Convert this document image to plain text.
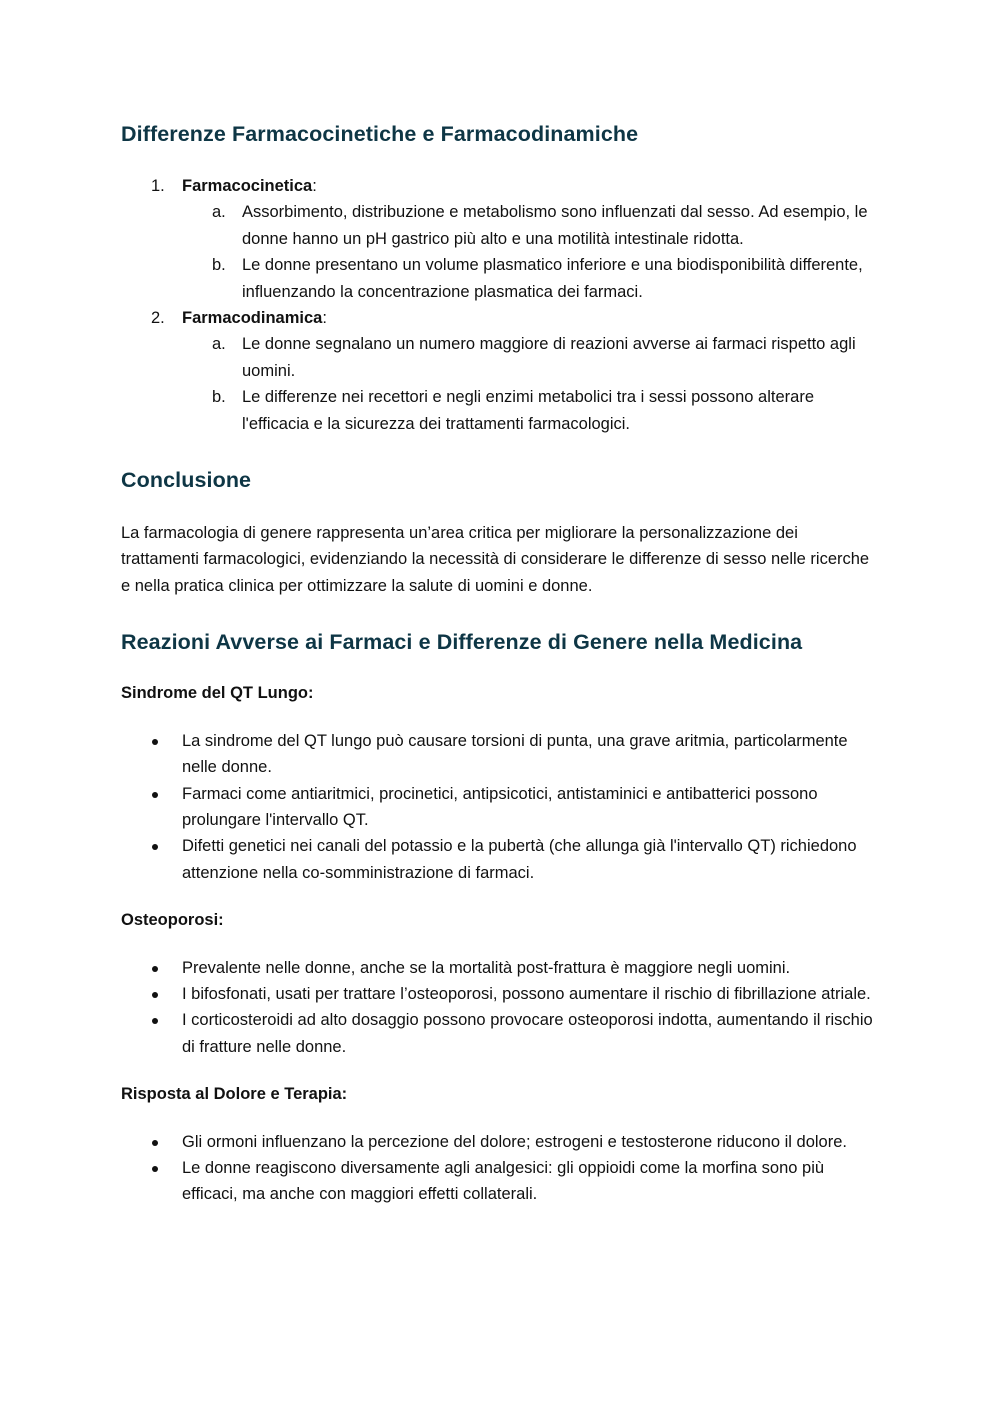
Differenze Farmacocinetiche e Farmacodinamiche
1. Farmacocinetica:
a. Assorbimento, distribuzione e metabolismo sono influenzati dal sesso. Ad esempio, le donne hanno un pH gastrico più alto e una motilità intestinale ridotta.
b. Le donne presentano un volume plasmatico inferiore e una biodisponibilità differente, influenzando la concentrazione plasmatica dei farmaci.
2. Farmacodinamica:
a. Le donne segnalano un numero maggiore di reazioni avverse ai farmaci rispetto agli uomini.
b. Le differenze nei recettori e negli enzimi metabolici tra i sessi possono alterare l'efficacia e la sicurezza dei trattamenti farmacologici.
Conclusione

La farmacologia di genere rappresenta un’area critica per migliorare la personalizzazione dei trattamenti farmacologici, evidenziando la necessità di considerare le differenze di sesso nelle ricerche e nella pratica clinica per ottimizzare la salute di uomini e donne.

Reazioni Avverse ai Farmaci e Differenze di Genere nella Medicina

Sindrome del QT Lungo:

La sindrome del QT lungo può causare torsioni di punta, una grave aritmia, particolarmente nelle donne.
Farmaci come antiaritmici, procinetici, antipsicotici, antistaminici e antibatterici possono prolungare l'intervallo QT.
Difetti genetici nei canali del potassio e la pubertà (che allunga già l'intervallo QT) richiedono attenzione nella co-somministrazione di farmaci.

Osteoporosi:

Prevalente nelle donne, anche se la mortalità post-frattura è maggiore negli uomini.
I bifosfonati, usati per trattare l’osteoporosi, possono aumentare il rischio di fibrillazione atriale.
I corticosteroidi ad alto dosaggio possono provocare osteoporosi indotta, aumentando il rischio di fratture nelle donne.

Risposta al Dolore e Terapia:

Gli ormoni influenzano la percezione del dolore; estrogeni e testosterone riducono il dolore.
Le donne reagiscono diversamente agli analgesici: gli oppioidi come la morfina sono più efficaci, ma anche con maggiori effetti collaterali.
